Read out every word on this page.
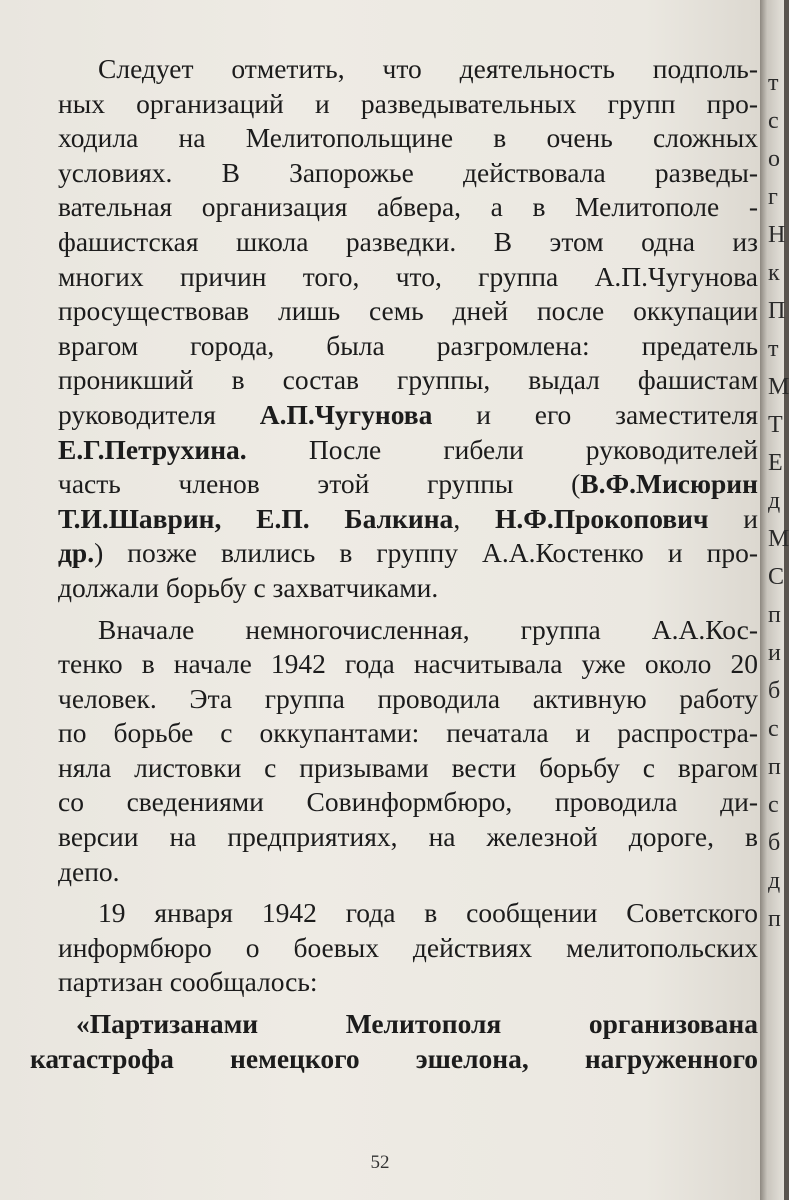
Следует отметить, что деятельность подполь-
ных организаций и разведывательных групп про-
ходила на Мелитопольщине в очень сложных
условиях. В Запорожье действовала разведы-
вательная организация абвера, а в Мелитополе -
фашистская школа разведки. В этом одна из
многих причин того, что, группа А.П.Чугунова
просуществовав лишь семь дней после оккупации
врагом города, была разгромлена: предатель
проникший в состав группы, выдал фашистам
руководителя А.П.Чугунова и его заместителя
Е.Г.Петрухина. После гибели руководителей
часть членов этой группы (В.Ф.Мисюрин
Т.И.Шаврин, Е.П. Балкина, Н.Ф.Прокопович и
др.) позже влились в группу А.А.Костенко и про-
должали борьбу с захватчиками.
Вначале немногочисленная, группа А.А.Кос-
тенко в начале 1942 года насчитывала уже около 20
человек. Эта группа проводила активную работу
по борьбе с оккупантами: печатала и распростра-
няла листовки с призывами вести борьбу с врагом
со сведениями Совинформбюро, проводила ди-
версии на предприятиях, на железной дороге, в
депо.
19 января 1942 года в сообщении Советского
информбюро о боевых действиях мелитопольских
партизан сообщалось:
«Партизанами Мелитополя организована
катастрофа немецкого эшелона, нагруженного
52
т
с
о
г
Н
к
П
т
М
Т
Е
д
М
С
п
и
б
с
п
с
б
д
п
